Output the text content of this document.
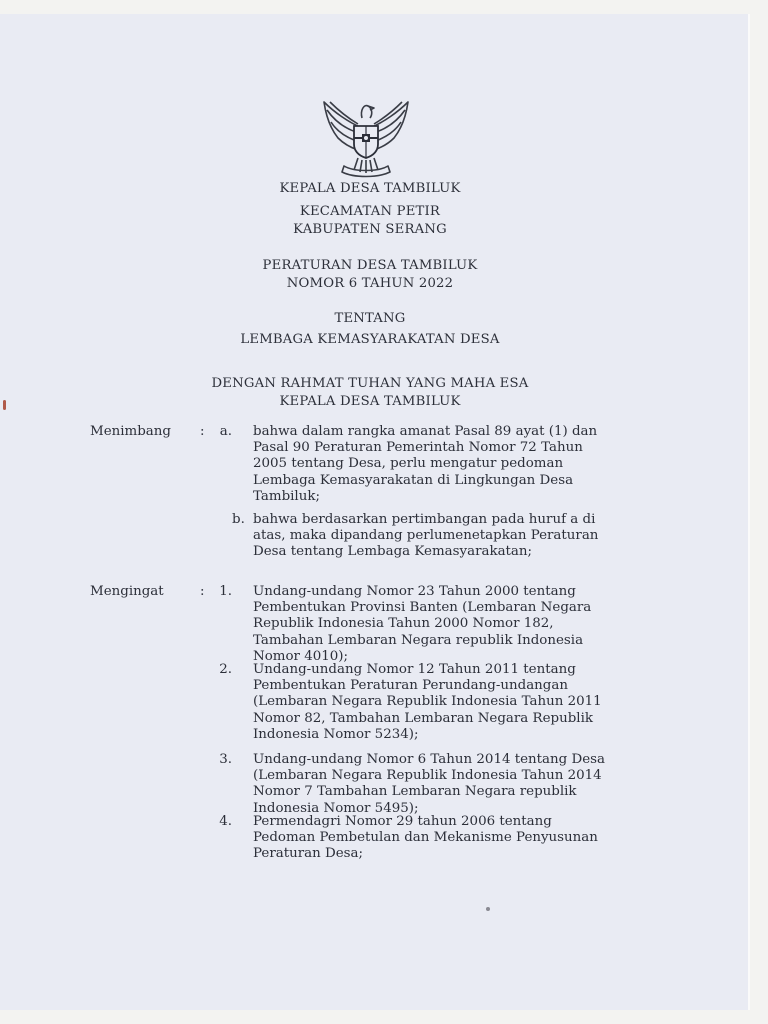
KEPALA DESA TAMBILUK
KECAMATAN PETIR
KABUPATEN SERANG
PERATURAN DESA TAMBILUK
NOMOR 6 TAHUN 2022
TENTANG
LEMBAGA KEMASYARAKATAN DESA
DENGAN RAHMAT TUHAN YANG MAHA ESA
KEPALA DESA TAMBILUK
Menimbang	:	a. bahwa dalam rangka amanat Pasal 89 ayat (1) dan
Pasal 90 Peraturan Pemerintah Nomor 72 Tahun
2005 tentang Desa, perlu mengatur pedoman
Lembaga Kemasyarakatan di Lingkungan Desa
Tambiluk;
b. bahwa berdasarkan pertimbangan pada huruf a di
atas, maka dipandang perlumenetapkan Peraturan
Desa tentang Lembaga Kemasyarakatan;
Mengingat	:	1. Undang-undang Nomor 23 Tahun 2000 tentang
Pembentukan Provinsi Banten (Lembaran Negara
Republik Indonesia Tahun 2000 Nomor 182,
Tambahan Lembaran Negara republik Indonesia
Nomor 4010);
2. Undang-undang Nomor 12 Tahun 2011 tentang
Pembentukan Peraturan Perundang-undangan
(Lembaran Negara Republik Indonesia Tahun 2011
Nomor 82, Tambahan Lembaran Negara Republik
Indonesia Nomor 5234);
3. Undang-undang Nomor 6 Tahun 2014 tentang Desa
(Lembaran Negara Republik Indonesia Tahun 2014
Nomor 7 Tambahan Lembaran Negara republik
Indonesia Nomor 5495);
4. Permendagri Nomor 29 tahun 2006 tentang
Pedoman Pembetulan dan Mekanisme Penyusunan
Peraturan Desa;
